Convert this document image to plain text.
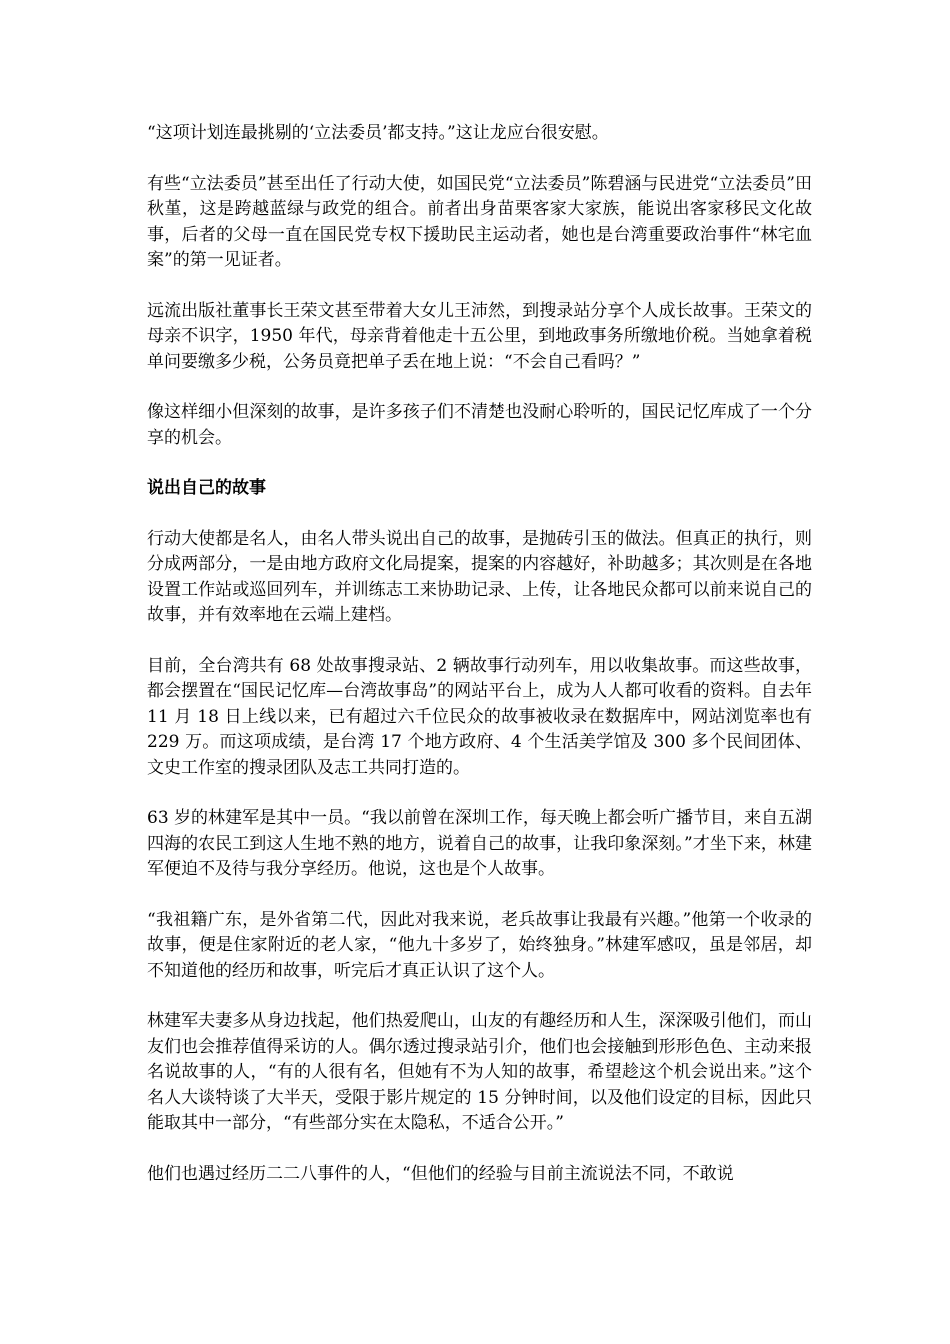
“这项计划连最挑剔的‘立法委员’都支持。”这让龙应台很安慰。

有些“立法委员”甚至出任了行动大使，如国民党“立法委员”陈碧涵与民进党“立法委员”田秋堇，这是跨越蓝绿与政党的组合。前者出身苗栗客家大家族，能说出客家移民文化故事，后者的父母一直在国民党专权下援助民主运动者，她也是台湾重要政治事件“林宅血案”的第一见证者。

远流出版社董事长王荣文甚至带着大女儿王沛然，到搜录站分享个人成长故事。王荣文的母亲不识字，1950 年代，母亲背着他走十五公里，到地政事务所缴地价税。当她拿着税单问要缴多少税，公务员竟把单子丢在地上说：“不会自己看吗？”

像这样细小但深刻的故事，是许多孩子们不清楚也没耐心聆听的，国民记忆库成了一个分享的机会。

说出自己的故事

行动大使都是名人，由名人带头说出自己的故事，是抛砖引玉的做法。但真正的执行，则分成两部分，一是由地方政府文化局提案，提案的内容越好，补助越多；其次则是在各地设置工作站或巡回列车，并训练志工来协助记录、上传，让各地民众都可以前来说自己的故事，并有效率地在云端上建档。

目前，全台湾共有 68 处故事搜录站、2 辆故事行动列车，用以收集故事。而这些故事，都会摆置在“国民记忆库—台湾故事岛”的网站平台上，成为人人都可收看的资料。自去年 11 月 18 日上线以来，已有超过六千位民众的故事被收录在数据库中，网站浏览率也有 229 万。而这项成绩，是台湾 17 个地方政府、4 个生活美学馆及 300 多个民间团体、文史工作室的搜录团队及志工共同打造的。

63 岁的林建军是其中一员。“我以前曾在深圳工作，每天晚上都会听广播节目，来自五湖四海的农民工到这人生地不熟的地方，说着自己的故事，让我印象深刻。”才坐下来，林建军便迫不及待与我分享经历。他说，这也是个人故事。

“我祖籍广东，是外省第二代，因此对我来说，老兵故事让我最有兴趣。”他第一个收录的故事，便是住家附近的老人家，“他九十多岁了，始终独身。”林建军感叹，虽是邻居，却不知道他的经历和故事，听完后才真正认识了这个人。

林建军夫妻多从身边找起，他们热爱爬山，山友的有趣经历和人生，深深吸引他们，而山友们也会推荐值得采访的人。偶尔透过搜录站引介，他们也会接触到形形色色、主动来报名说故事的人，“有的人很有名，但她有不为人知的故事，希望趁这个机会说出来。”这个名人大谈特谈了大半天，受限于影片规定的 15 分钟时间，以及他们设定的目标，因此只能取其中一部分，“有些部分实在太隐私，不适合公开。”

他们也遇过经历二二八事件的人，“但他们的经验与目前主流说法不同，不敢说
